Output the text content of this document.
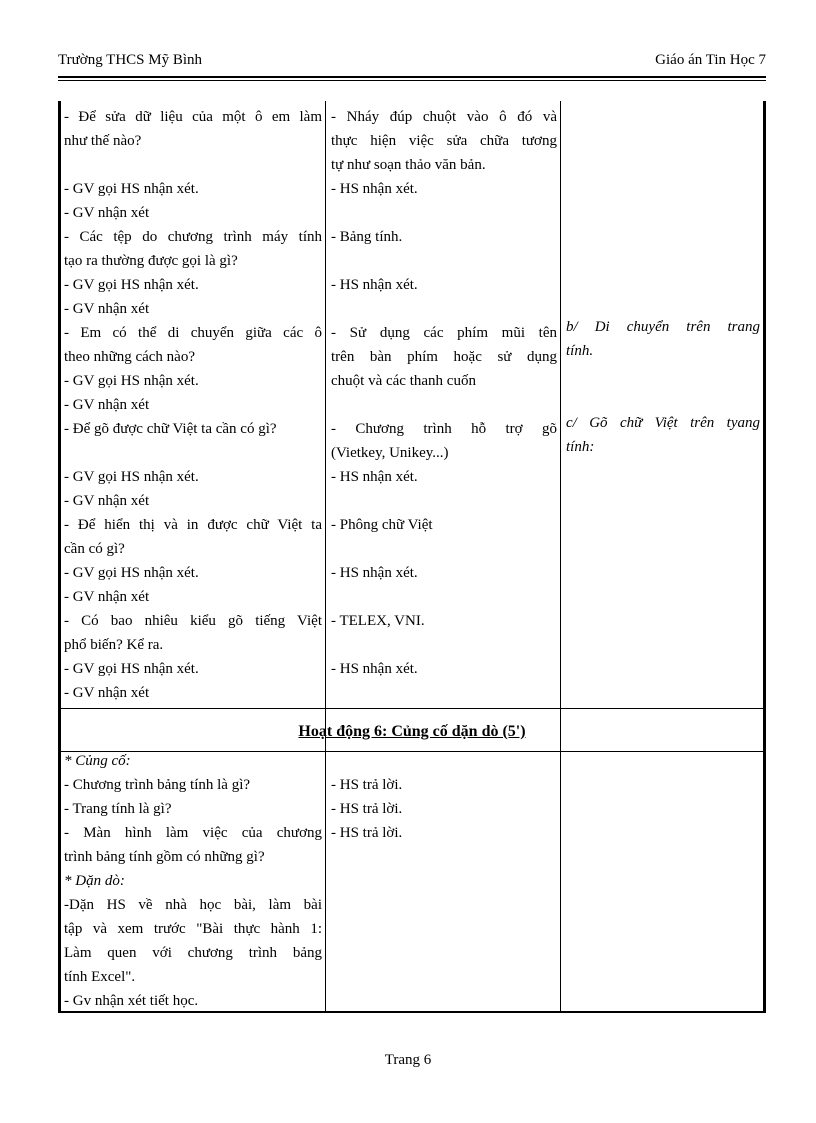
Trường THCS Mỹ Bình	Giáo án Tin Học 7
- Để sửa dữ liệu của một ô em làm
như thế nào?
- GV gọi HS nhận xét.
- GV nhận xét
- Các tệp do chương trình máy tính
tạo ra thường được gọi là gì?
- GV gọi HS nhận xét.
- GV nhận xét
- Em có thể di chuyển giữa các ô
theo những cách nào?
- GV gọi HS nhận xét.
- GV nhận xét
- Để gõ được chữ Việt ta cần có gì?
- GV gọi HS nhận xét.
- GV nhận xét
- Để hiển thị và in được chữ Việt ta
cần có gì?
- GV gọi HS nhận xét.
- GV nhận xét
- Có bao nhiêu kiểu gõ tiếng Việt
phổ biến? Kể ra.
- GV gọi HS nhận xét.
- GV nhận xét
- Nháy đúp chuột vào ô đó và
thực hiện việc sửa chữa tương
tự như soạn thảo văn bản.
- HS nhận xét.
- Bảng tính.
- HS nhận xét.
- Sử dụng các phím mũi tên
trên bàn phím hoặc sử dụng
chuột và các thanh cuốn
- Chương trình hỗ trợ gõ
(Vietkey, Unikey...)
- HS nhận xét.
- Phông chữ Việt
- HS nhận xét.
- TELEX, VNI.
- HS nhận xét.
b/ Di chuyển trên trang
tính.
c/ Gõ chữ Việt trên tyang
tính:
Hoạt động 6: Củng cố dặn dò (5')
* Củng cố:
- Chương trình bảng tính là gì?
- Trang tính là gì?
- Màn hình làm việc của chương
trình bảng tính gồm có những gì?
- HS trả lời.
- HS trả lời.
- HS trả lời.
* Dặn dò:
-Dặn HS về nhà học bài, làm bài
tập và xem trước "Bài thực hành 1:
Làm quen với chương trình bảng
tính Excel".
- Gv nhận xét tiết học.
Trang 6
